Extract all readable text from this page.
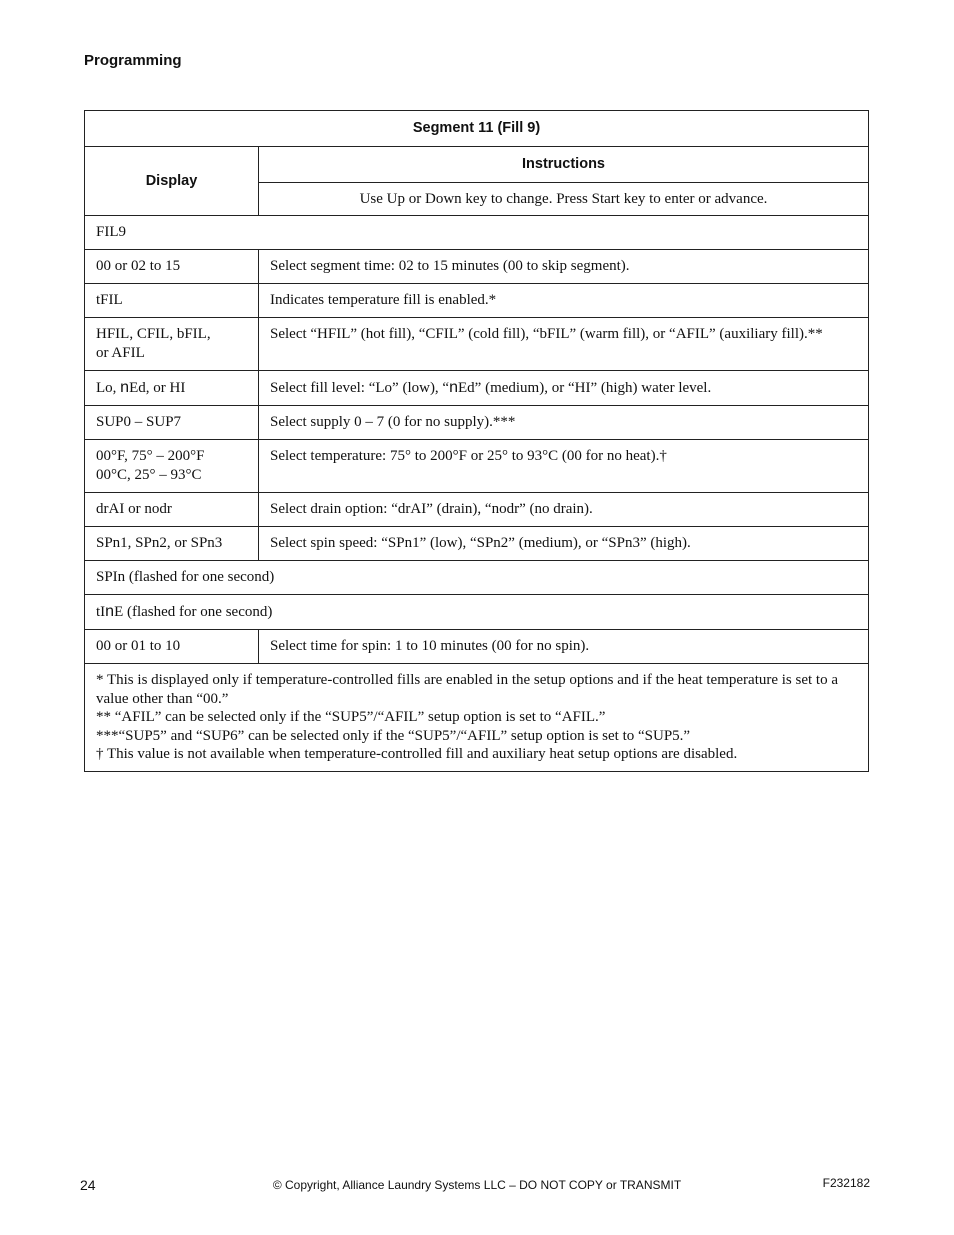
Programming
Segment 11 (Fill 9)	
Display	Instructions
	Use Up or Down key to change. Press Start key to enter or advance.
FIL9	
00 or 02 to 15	Select segment time: 02 to 15 minutes (00 to skip segment).
tFIL	Indicates temperature fill is enabled.*

HFIL, CFIL, bFIL,
or AFIL	Select “HFIL” (hot fill), “CFIL” (cold fill), “bFIL” (warm fill), or “AFIL” (auxiliary fill).**
Lo, nEd, or HI	Select fill level: “Lo” (low), “nEd” (medium), or “HI” (high) water level.
SUP0 – SUP7	Select supply 0 – 7 (0 for no supply).***

00°F, 75° – 200°F
00°C, 25° – 93°C	Select temperature: 75° to 200°F or 25° to 93°C (00 for no heat).†
drAI or nodr	Select drain option: “drAI” (drain), “nodr” (no drain).
SPn1, SPn2, or SPn3	Select spin speed: “SPn1” (low), “SPn2” (medium), or “SPn3” (high).
SPIn (flashed for one second)	
tInE (flashed for one second)	
00 or 01 to 10	Select time for spin: 1 to 10 minutes (00 for no spin).

* This is displayed only if temperature-controlled fills are enabled in the setup options and if the heat temperature is set to a value other than “00.”
** “AFIL” can be selected only if the “SUP5”/“AFIL” setup option is set to “AFIL.”
***“SUP5” and “SUP6” can be selected only if the “SUP5”/“AFIL” setup option is set to “SUP5.”
† This value is not available when temperature-controlled fill and auxiliary heat setup options are disabled.	
24	© Copyright, Alliance Laundry Systems LLC – DO NOT COPY or TRANSMIT	F232182
